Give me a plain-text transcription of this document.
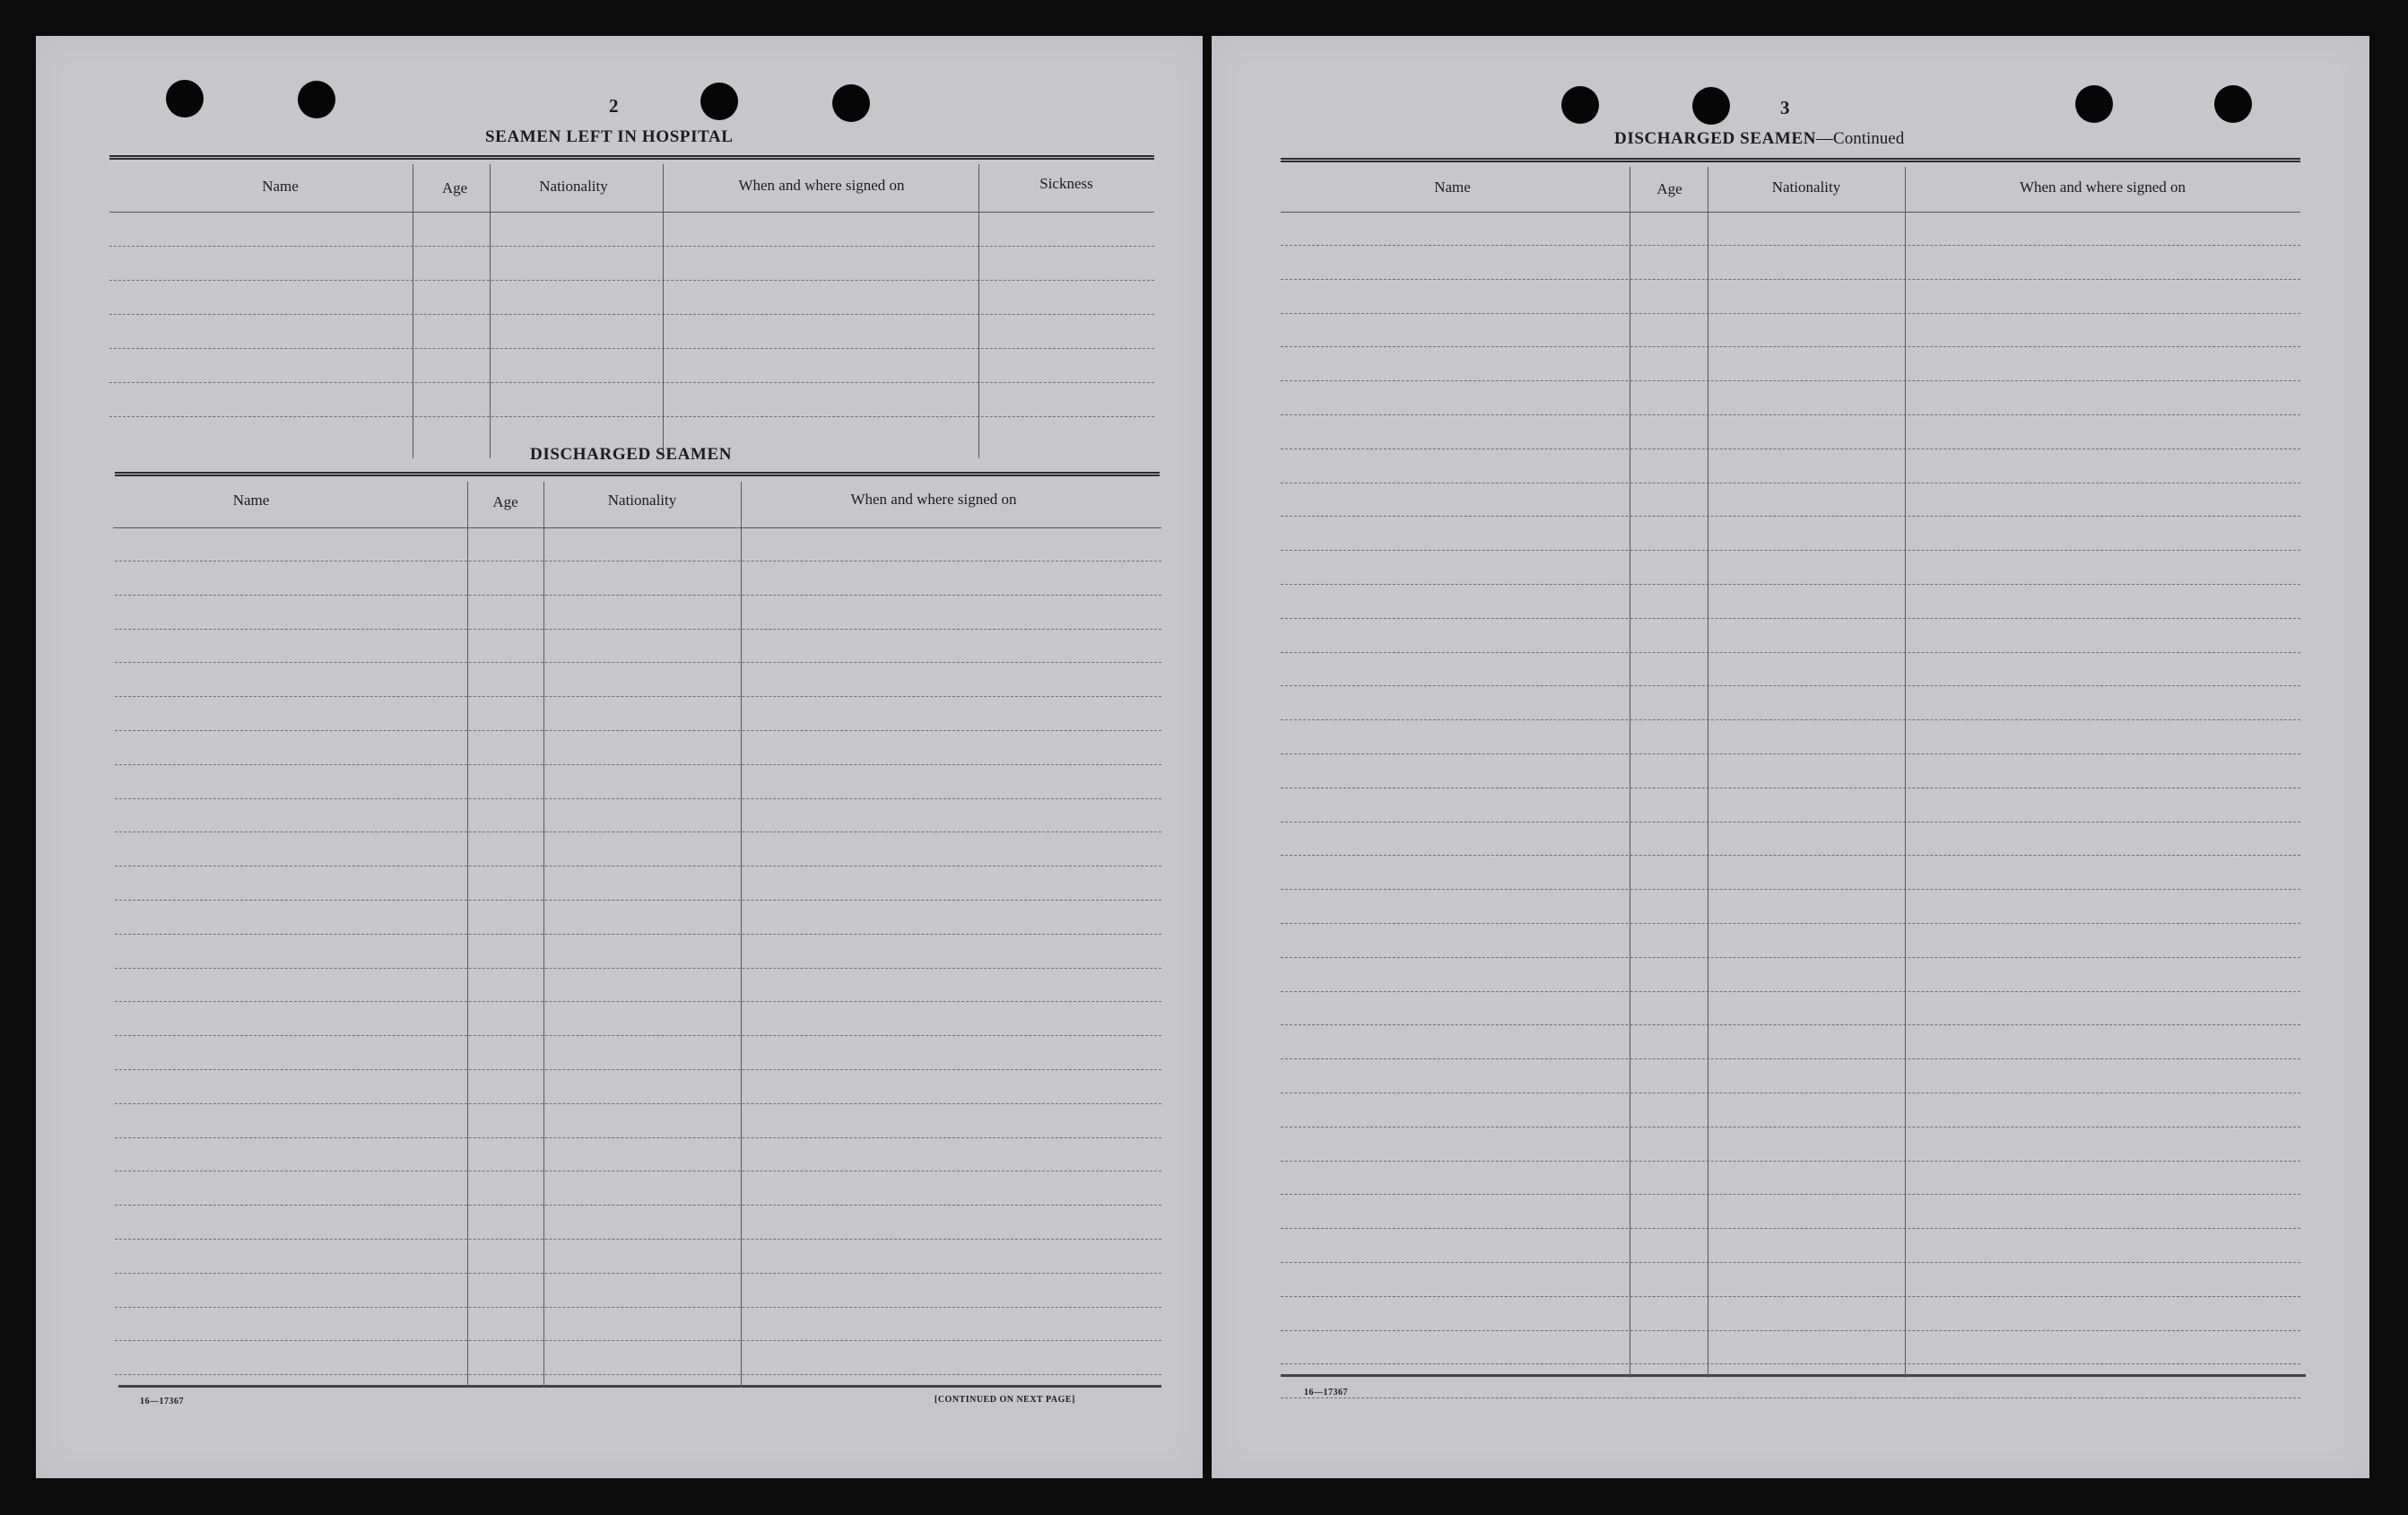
2
SEAMEN LEFT IN HOSPITAL
Name	Age	Nationality	When and where signed on	Sickness
DISCHARGED SEAMEN
Name	Age	Nationality	When and where signed on
16—17367	[CONTINUED ON NEXT PAGE]
3
DISCHARGED SEAMEN—Continued
Name	Age	Nationality	When and where signed on
16—17367
